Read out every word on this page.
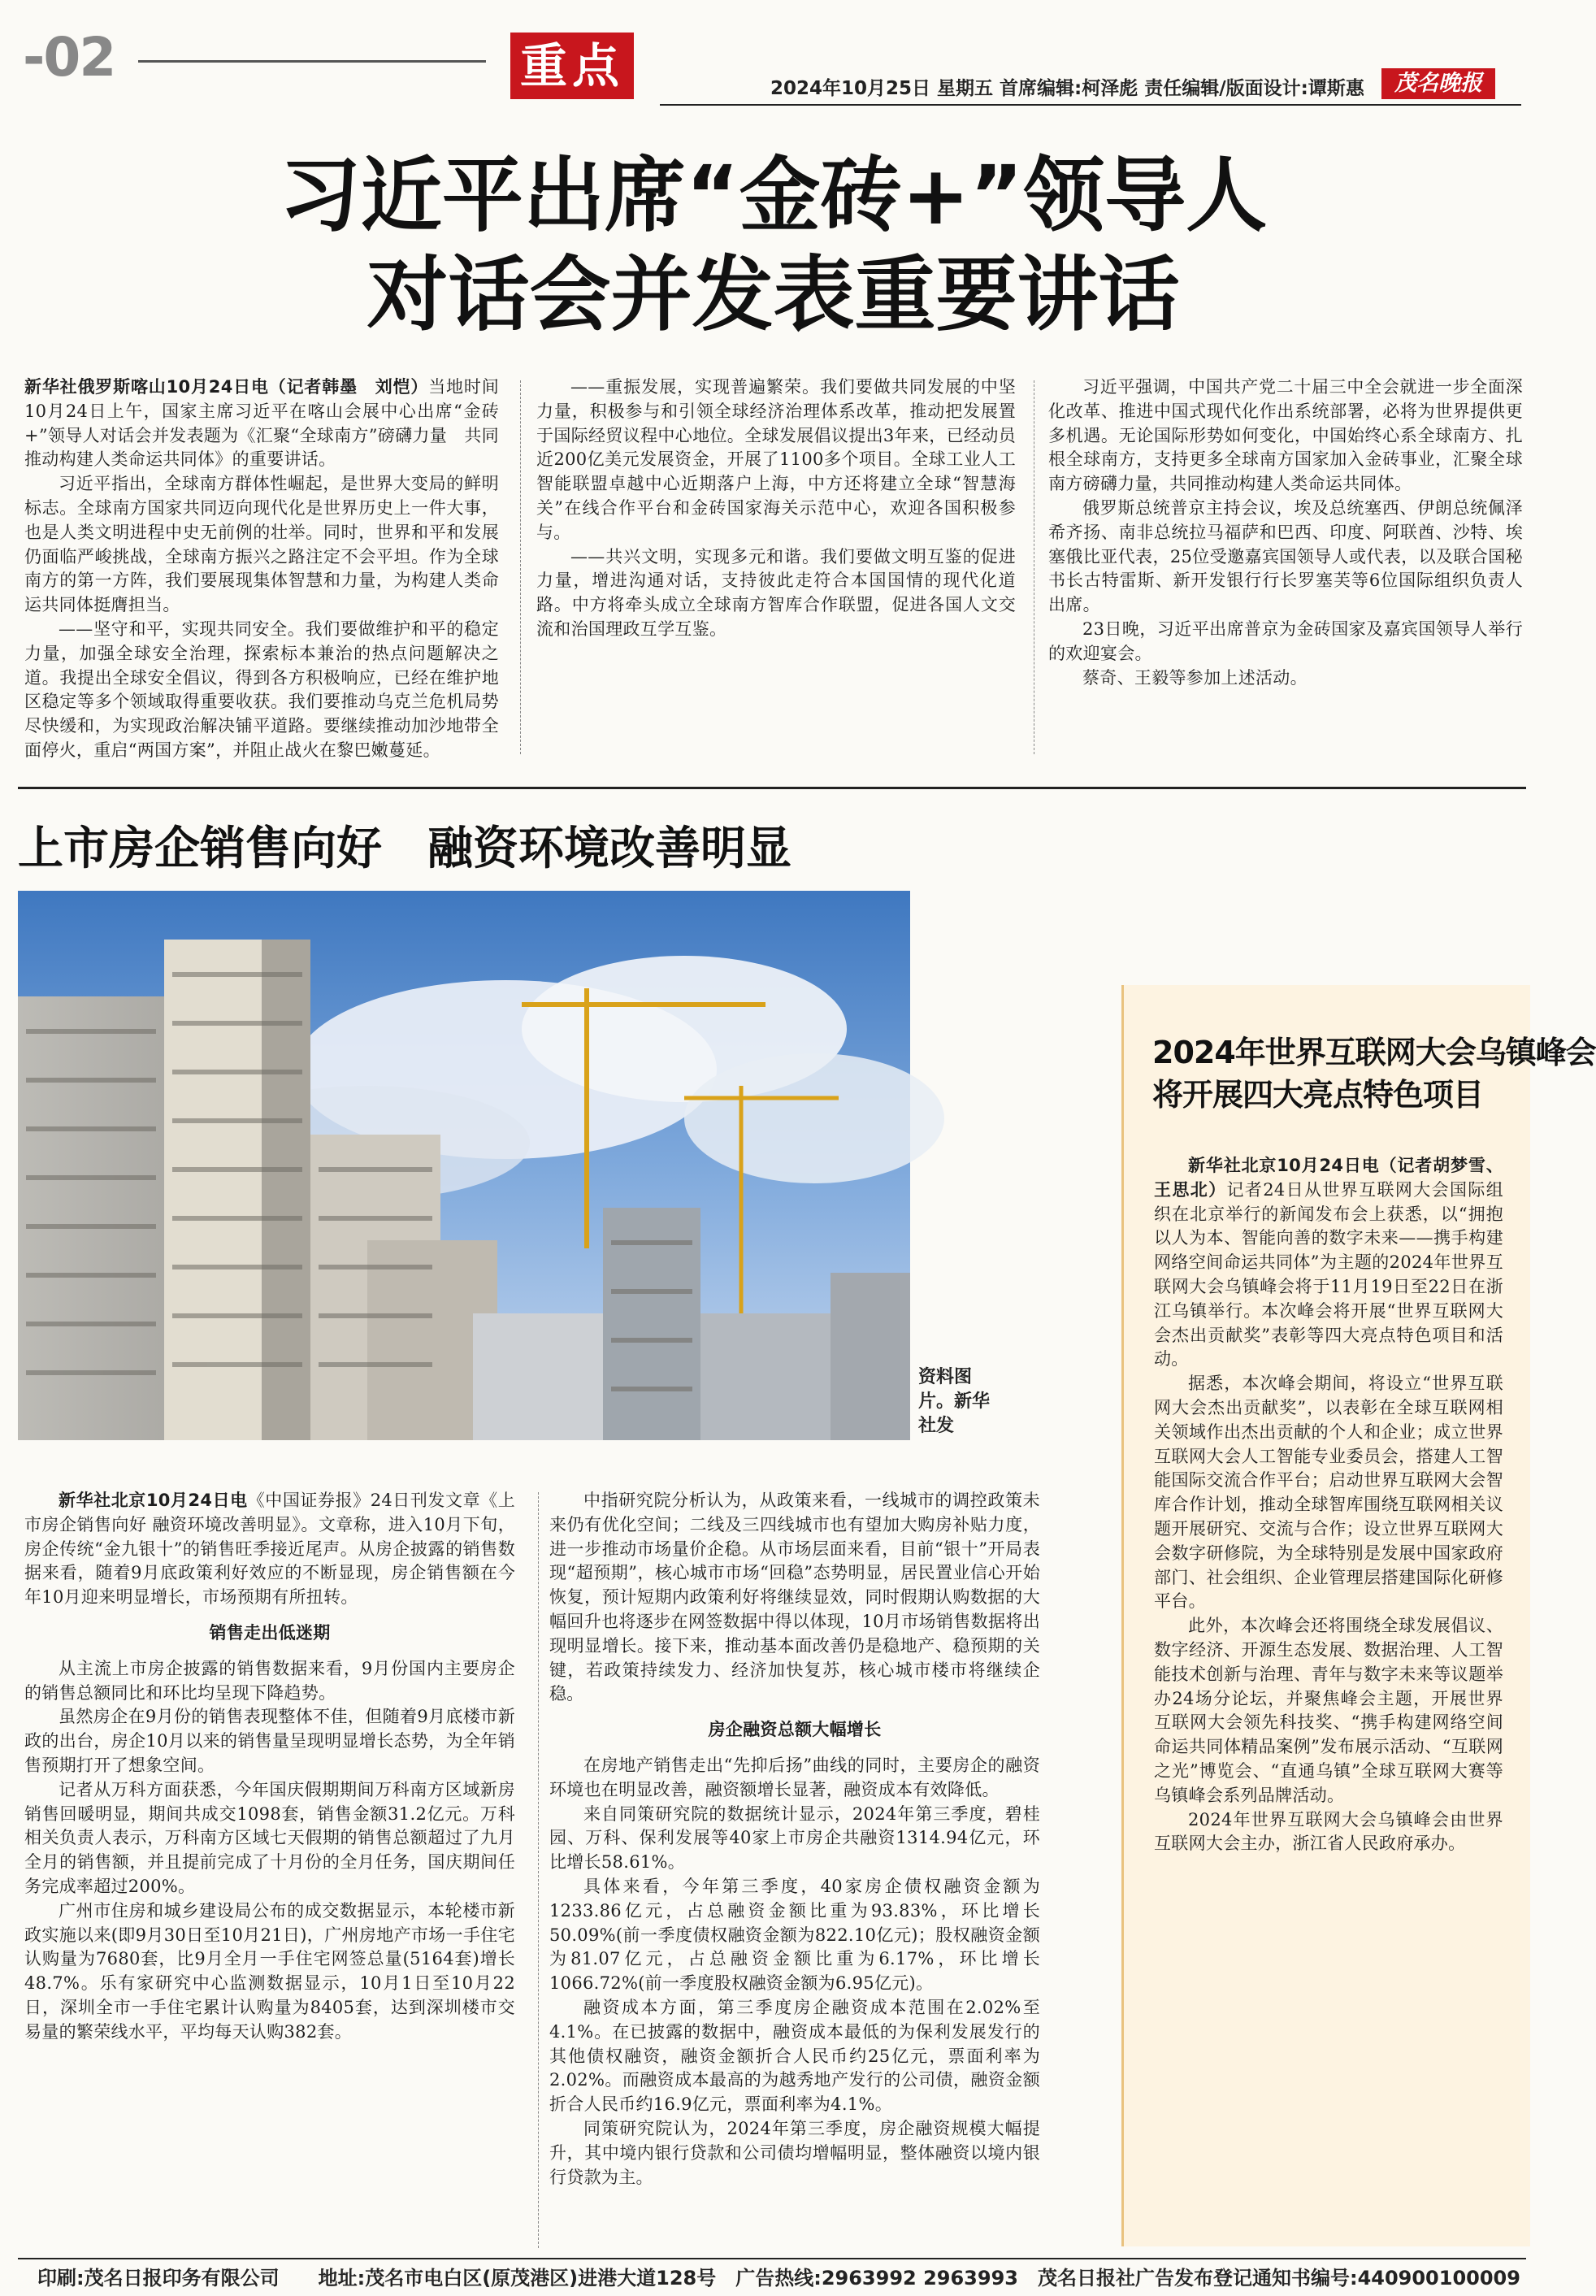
-02	重点	2024年10月25日 星期五 首席编辑:柯泽彪 责任编辑/版面设计:谭斯惠	茂名晚报
习近平出席“金砖+”领导人
对话会并发表重要讲话

新华社俄罗斯喀山10月24日电（记者韩墨　刘恺）当地时间10月24日上午，国家主席习近平在喀山会展中心出席“金砖+”领导人对话会并发表题为《汇聚“全球南方”磅礴力量　共同推动构建人类命运共同体》的重要讲话。

习近平指出，全球南方群体性崛起，是世界大变局的鲜明标志。全球南方国家共同迈向现代化是世界历史上一件大事，也是人类文明进程中史无前例的壮举。同时，世界和平和发展仍面临严峻挑战，全球南方振兴之路注定不会平坦。作为全球南方的第一方阵，我们要展现集体智慧和力量，为构建人类命运共同体挺膺担当。

——坚守和平，实现共同安全。我们要做维护和平的稳定力量，加强全球安全治理，探索标本兼治的热点问题解决之道。我提出全球安全倡议，得到各方积极响应，已经在维护地区稳定等多个领域取得重要收获。我们要推动乌克兰危机局势尽快缓和，为实现政治解决铺平道路。要继续推动加沙地带全面停火，重启“两国方案”，并阻止战火在黎巴嫩蔓延。

——重振发展，实现普遍繁荣。我们要做共同发展的中坚力量，积极参与和引领全球经济治理体系改革，推动把发展置于国际经贸议程中心地位。全球发展倡议提出3年来，已经动员近200亿美元发展资金，开展了1100多个项目。全球工业人工智能联盟卓越中心近期落户上海，中方还将建立全球“智慧海关”在线合作平台和金砖国家海关示范中心，欢迎各国积极参与。

——共兴文明，实现多元和谐。我们要做文明互鉴的促进力量，增进沟通对话，支持彼此走符合本国国情的现代化道路。中方将牵头成立全球南方智库合作联盟，促进各国人文交流和治国理政互学互鉴。

习近平强调，中国共产党二十届三中全会就进一步全面深化改革、推进中国式现代化作出系统部署，必将为世界提供更多机遇。无论国际形势如何变化，中国始终心系全球南方、扎根全球南方，支持更多全球南方国家加入金砖事业，汇聚全球南方磅礴力量，共同推动构建人类命运共同体。

俄罗斯总统普京主持会议，埃及总统塞西、伊朗总统佩泽希齐扬、南非总统拉马福萨和巴西、印度、阿联酋、沙特、埃塞俄比亚代表，25位受邀嘉宾国领导人或代表，以及联合国秘书长古特雷斯、新开发银行行长罗塞芙等6位国际组织负责人出席。

23日晚，习近平出席普京为金砖国家及嘉宾国领导人举行的欢迎宴会。

蔡奇、王毅等参加上述活动。

上市房企销售向好　融资环境改善明显
资料图片。新华社发

新华社北京10月24日电《中国证券报》24日刊发文章《上市房企销售向好 融资环境改善明显》。文章称，进入10月下旬，房企传统“金九银十”的销售旺季接近尾声。从房企披露的销售数据来看，随着9月底政策利好效应的不断显现，房企销售额在今年10月迎来明显增长，市场预期有所扭转。

销售走出低迷期

从主流上市房企披露的销售数据来看，9月份国内主要房企的销售总额同比和环比均呈现下降趋势。

虽然房企在9月份的销售表现整体不佳，但随着9月底楼市新政的出台，房企10月以来的销售量呈现明显增长态势，为全年销售预期打开了想象空间。

记者从万科方面获悉，今年国庆假期期间万科南方区域新房销售回暖明显，期间共成交1098套，销售金额31.2亿元。万科相关负责人表示，万科南方区域七天假期的销售总额超过了九月全月的销售额，并且提前完成了十月份的全月任务，国庆期间任务完成率超过200%。

广州市住房和城乡建设局公布的成交数据显示，本轮楼市新政实施以来(即9月30日至10月21日)，广州房地产市场一手住宅认购量为7680套，比9月全月一手住宅网签总量(5164套)增长48.7%。乐有家研究中心监测数据显示，10月1日至10月22日，深圳全市一手住宅累计认购量为8405套，达到深圳楼市交易量的繁荣线水平，平均每天认购382套。

中指研究院分析认为，从政策来看，一线城市的调控政策未来仍有优化空间；二线及三四线城市也有望加大购房补贴力度，进一步推动市场量价企稳。从市场层面来看，目前“银十”开局表现“超预期”，核心城市市场“回稳”态势明显，居民置业信心开始恢复，预计短期内政策利好将继续显效，同时假期认购数据的大幅回升也将逐步在网签数据中得以体现，10月市场销售数据将出现明显增长。接下来，推动基本面改善仍是稳地产、稳预期的关键，若政策持续发力、经济加快复苏，核心城市楼市将继续企稳。

房企融资总额大幅增长

在房地产销售走出“先抑后扬”曲线的同时，主要房企的融资环境也在明显改善，融资额增长显著，融资成本有效降低。

来自同策研究院的数据统计显示，2024年第三季度，碧桂园、万科、保利发展等40家上市房企共融资1314.94亿元，环比增长58.61%。

具体来看，今年第三季度，40家房企债权融资金额为1233.86亿元，占总融资金额比重为93.83%，环比增长50.09%(前一季度债权融资金额为822.10亿元)；股权融资金额为81.07亿元，占总融资金额比重为6.17%，环比增长1066.72%(前一季度股权融资金额为6.95亿元)。

融资成本方面，第三季度房企融资成本范围在2.02%至4.1%。在已披露的数据中，融资成本最低的为保利发展发行的其他债权融资，融资金额折合人民币约25亿元，票面利率为2.02%。而融资成本最高的为越秀地产发行的公司债，融资金额折合人民币约16.9亿元，票面利率为4.1%。

同策研究院认为，2024年第三季度，房企融资规模大幅提升，其中境内银行贷款和公司债均增幅明显，整体融资以境内银行贷款为主。

2024年世界互联网大会乌镇峰会
将开展四大亮点特色项目

新华社北京10月24日电（记者胡梦雪、王思北）记者24日从世界互联网大会国际组织在北京举行的新闻发布会上获悉，以“拥抱以人为本、智能向善的数字未来——携手构建网络空间命运共同体”为主题的2024年世界互联网大会乌镇峰会将于11月19日至22日在浙江乌镇举行。本次峰会将开展“世界互联网大会杰出贡献奖”表彰等四大亮点特色项目和活动。

据悉，本次峰会期间，将设立“世界互联网大会杰出贡献奖”，以表彰在全球互联网相关领域作出杰出贡献的个人和企业；成立世界互联网大会人工智能专业委员会，搭建人工智能国际交流合作平台；启动世界互联网大会智库合作计划，推动全球智库围绕互联网相关议题开展研究、交流与合作；设立世界互联网大会数字研修院，为全球特别是发展中国家政府部门、社会组织、企业管理层搭建国际化研修平台。

此外，本次峰会还将围绕全球发展倡议、数字经济、开源生态发展、数据治理、人工智能技术创新与治理、青年与数字未来等议题举办24场分论坛，并聚焦峰会主题，开展世界互联网大会领先科技奖、“携手构建网络空间命运共同体精品案例”发布展示活动、“互联网之光”博览会、“直通乌镇”全球互联网大赛等乌镇峰会系列品牌活动。

2024年世界互联网大会乌镇峰会由世界互联网大会主办，浙江省人民政府承办。

印刷:茂名日报印务有限公司　　地址:茂名市电白区(原茂港区)进港大道128号　广告热线:2963992 2963993　茂名日报社广告发布登记通知书编号:440900100009
